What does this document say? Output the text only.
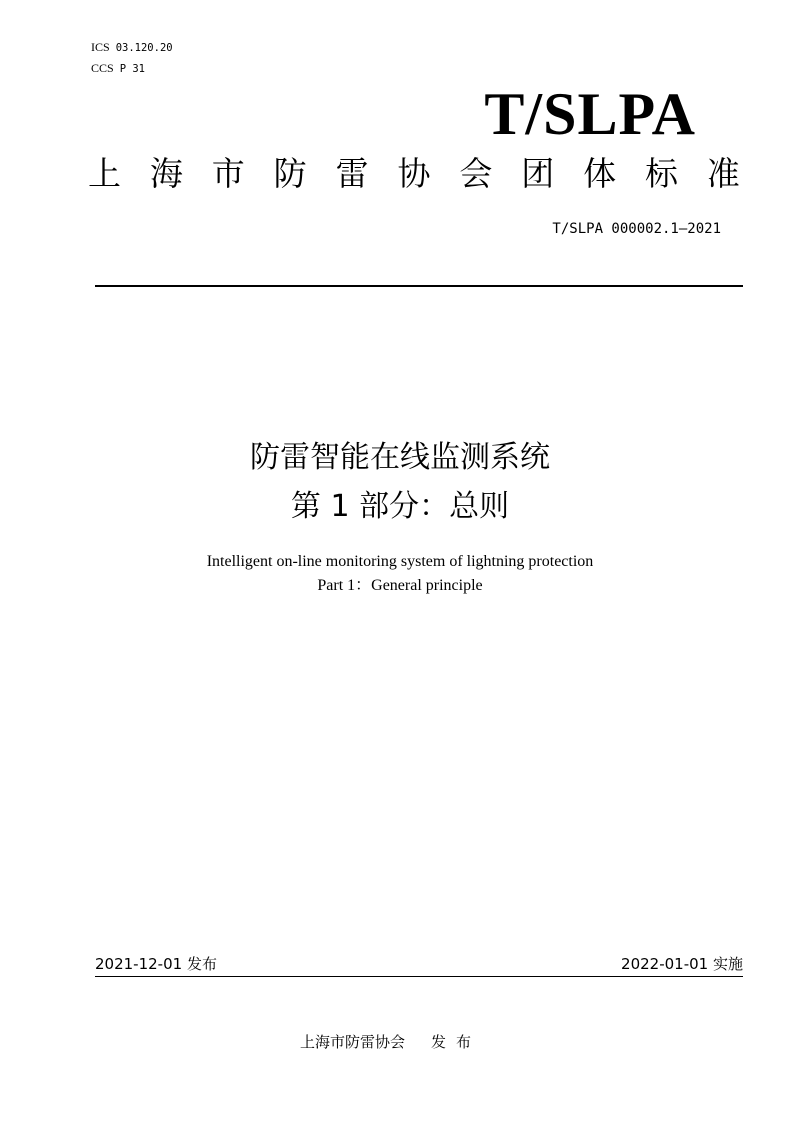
ICS 03.120.20
CCS P 31
T/SLPA
上 海 市 防 雷 协 会 团 体 标 准
T/SLPA 000002.1—2021
防雷智能在线监测系统
第 1 部分：总则
Intelligent on-line monitoring system of lightning protection
Part 1：General principle
2021-12-01 发布	2022-01-01 实施
上海市防雷协会 发布
